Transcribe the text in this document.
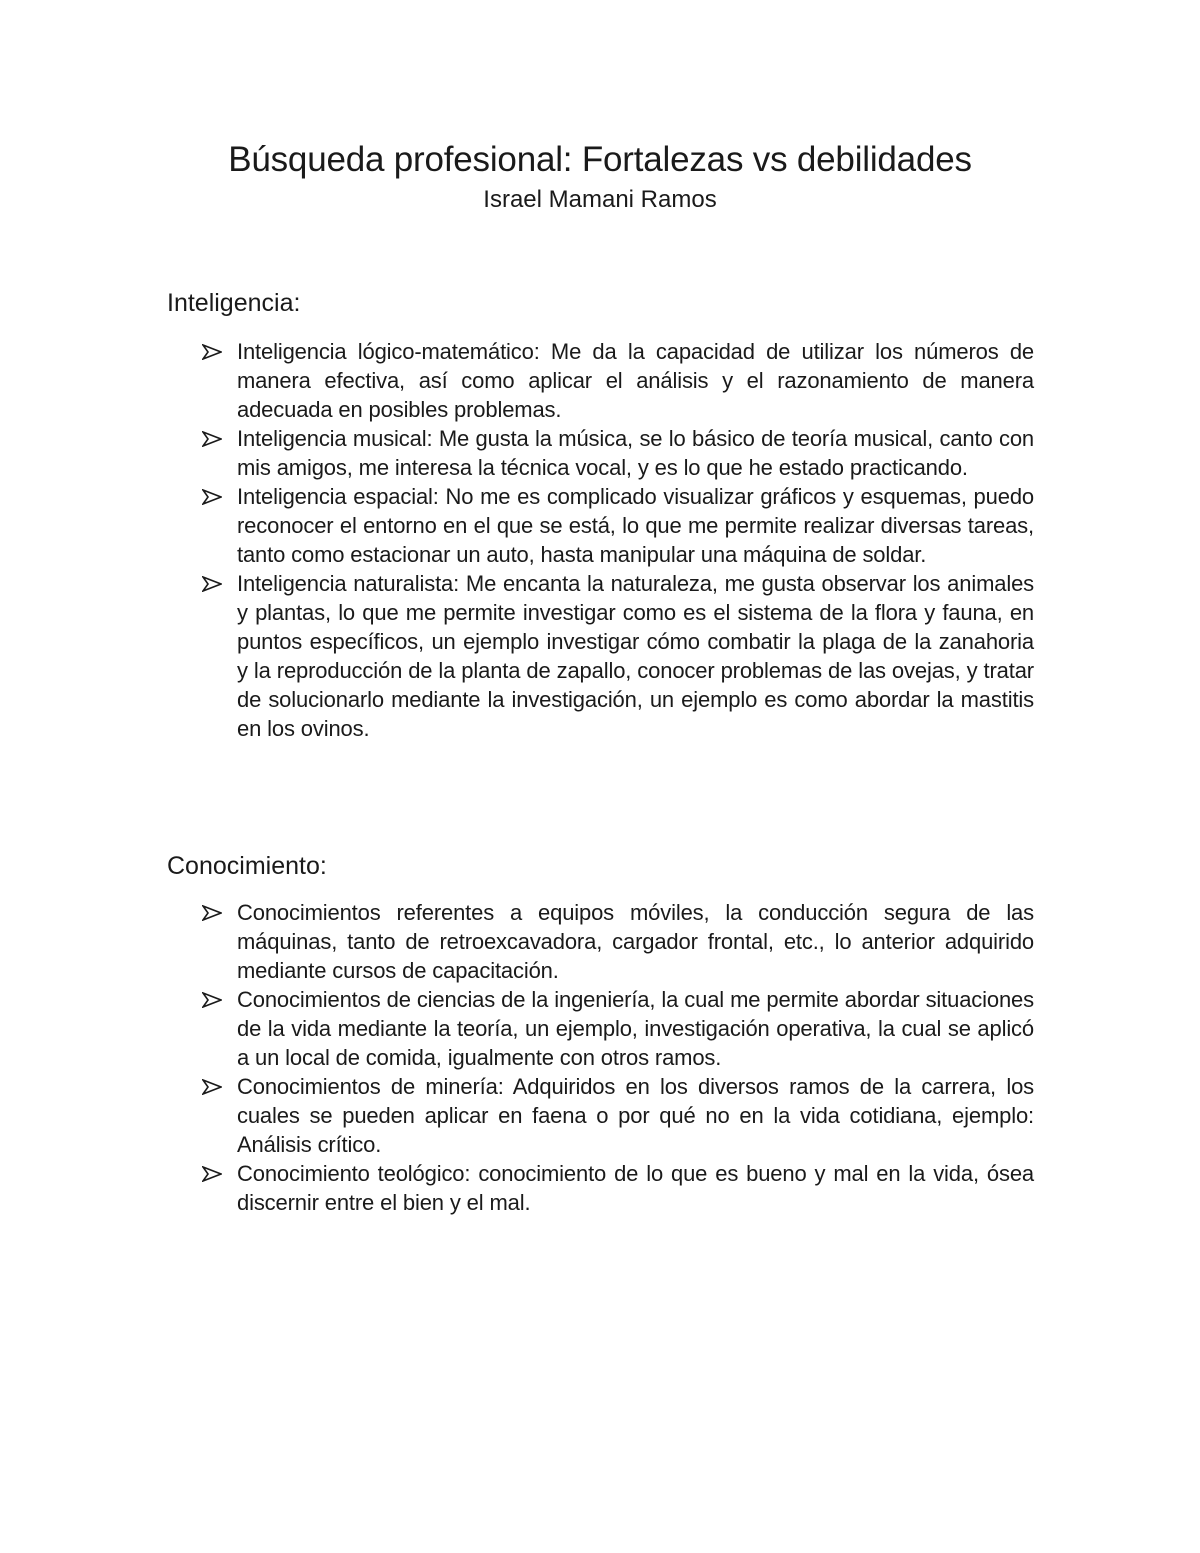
Búsqueda profesional: Fortalezas vs debilidades
Israel Mamani Ramos
Inteligencia:
Inteligencia lógico-matemático: Me da la capacidad de utilizar los números de manera efectiva, así como aplicar el análisis y el razonamiento de manera adecuada en posibles problemas.
Inteligencia musical: Me gusta la música, se lo básico de teoría musical, canto con mis amigos, me interesa la técnica vocal, y es lo que he estado practicando.
Inteligencia espacial: No me es complicado visualizar gráficos y esquemas, puedo reconocer el entorno en el que se está, lo que me permite realizar diversas tareas, tanto como estacionar un auto, hasta manipular una máquina de soldar.
Inteligencia naturalista: Me encanta la naturaleza, me gusta observar los animales y plantas, lo que me permite investigar como es el sistema de la flora y fauna, en puntos específicos, un ejemplo investigar cómo combatir la plaga de la zanahoria y la reproducción de la planta de zapallo, conocer problemas de las ovejas, y tratar de solucionarlo mediante la investigación, un ejemplo es como abordar la mastitis en los ovinos.
Conocimiento:
Conocimientos referentes a equipos móviles, la conducción segura de las máquinas, tanto de retroexcavadora, cargador frontal, etc., lo anterior adquirido mediante cursos de capacitación.
Conocimientos de ciencias de la ingeniería, la cual me permite abordar situaciones de la vida mediante la teoría, un ejemplo, investigación operativa, la cual se aplicó a un local de comida, igualmente con otros ramos.
Conocimientos de minería: Adquiridos en los diversos ramos de la carrera, los cuales se pueden aplicar en faena o por qué no en la vida cotidiana, ejemplo: Análisis crítico.
Conocimiento teológico: conocimiento de lo que es bueno y mal en la vida, ósea discernir entre el bien y el mal.
